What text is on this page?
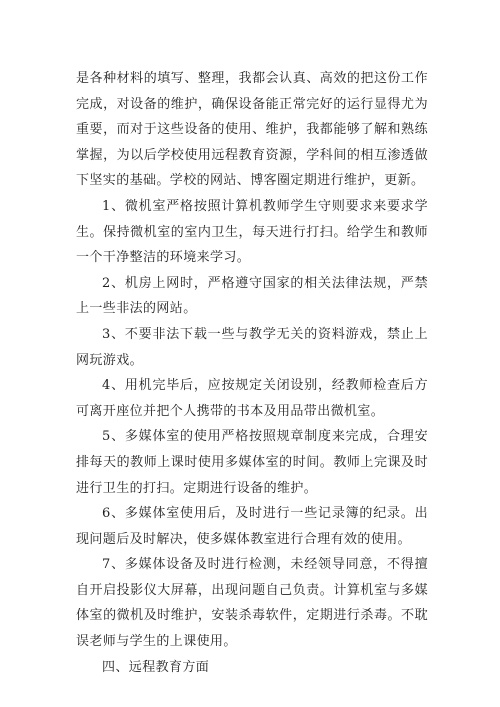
是各种材料的填写、整理，我都会认真、高效的把这份工作完成，对设备的维护，确保设备能正常完好的运行显得尤为重要，而对于这些设备的使用、维护，我都能够了解和熟练掌握，为以后学校使用远程教育资源，学科间的相互渗透做下坚实的基础。学校的网站、博客圈定期进行维护，更新。

1、微机室严格按照计算机教师学生守则要求来要求学生。保持微机室的室内卫生，每天进行打扫。给学生和教师一个干净整洁的环境来学习。

2、机房上网时，严格遵守国家的相关法律法规，严禁上一些非法的网站。

3、不要非法下载一些与教学无关的资料游戏，禁止上网玩游戏。

4、用机完毕后，应按规定关闭设别，经教师检查后方可离开座位并把个人携带的书本及用品带出微机室。

5、多媒体室的使用严格按照规章制度来完成，合理安排每天的教师上课时使用多媒体室的时间。教师上完课及时进行卫生的打扫。定期进行设备的维护。

6、多媒体室使用后，及时进行一些记录簿的纪录。出现问题后及时解决，使多媒体教室进行合理有效的使用。

7、多媒体设备及时进行检测，未经领导同意，不得擅自开启投影仪大屏幕，出现问题自己负责。计算机室与多媒体室的微机及时维护，安装杀毒软件，定期进行杀毒。不耽误老师与学生的上课使用。

四、远程教育方面
